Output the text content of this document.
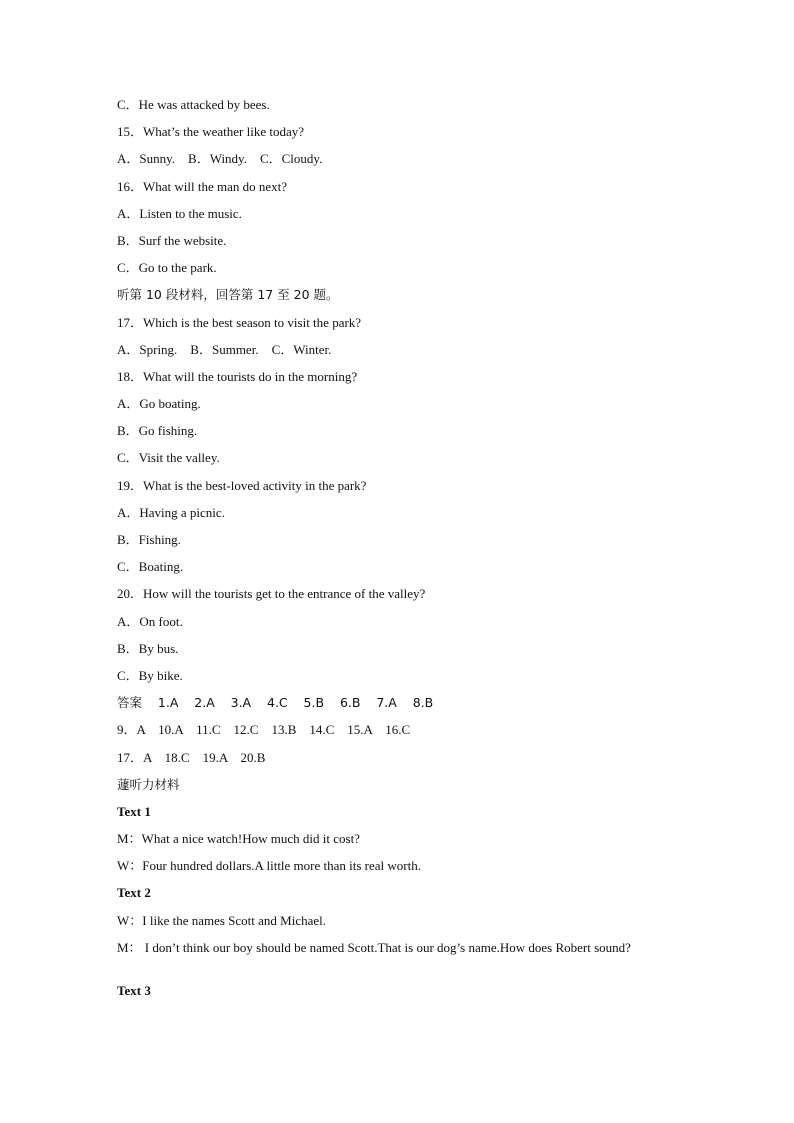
C．He was attacked by bees.
15．What’s the weather like today?
A．Sunny.    B．Windy.    C．Cloudy.
16．What will the man do next?
A．Listen to the music.
B．Surf the website.
C．Go to the park.
听第 10 段材料，回答第 17 至 20 题。
17．Which is the best season to visit the park?
A．Spring.    B．Summer.    C．Winter.
18．What will the tourists do in the morning?
A．Go boating.
B．Go fishing.
C．Visit the valley.
19．What is the best-loved activity in the park?
A．Having a picnic.
B．Fishing.
C．Boating.
20．How will the tourists get to the entrance of the valley?
A．On foot.
B．By bus.
C．By bike.
答案    1.A    2.A    3.A    4.C    5.B    6.B    7.A    8.B
9．A    10.A    11.C    12.C    13.B    14.C    15.A    16.C
17．A    18.C    19.A    20.B
蘧听力材料
Text 1
M：What a nice watch!How much did it cost?
W：Four hundred dollars.A little more than its real worth.
Text 2
W：I like the names Scott and Michael.
M： I don’t think our boy should be named Scott.That is our dog’s name.How does Robert sound?
Text 3
